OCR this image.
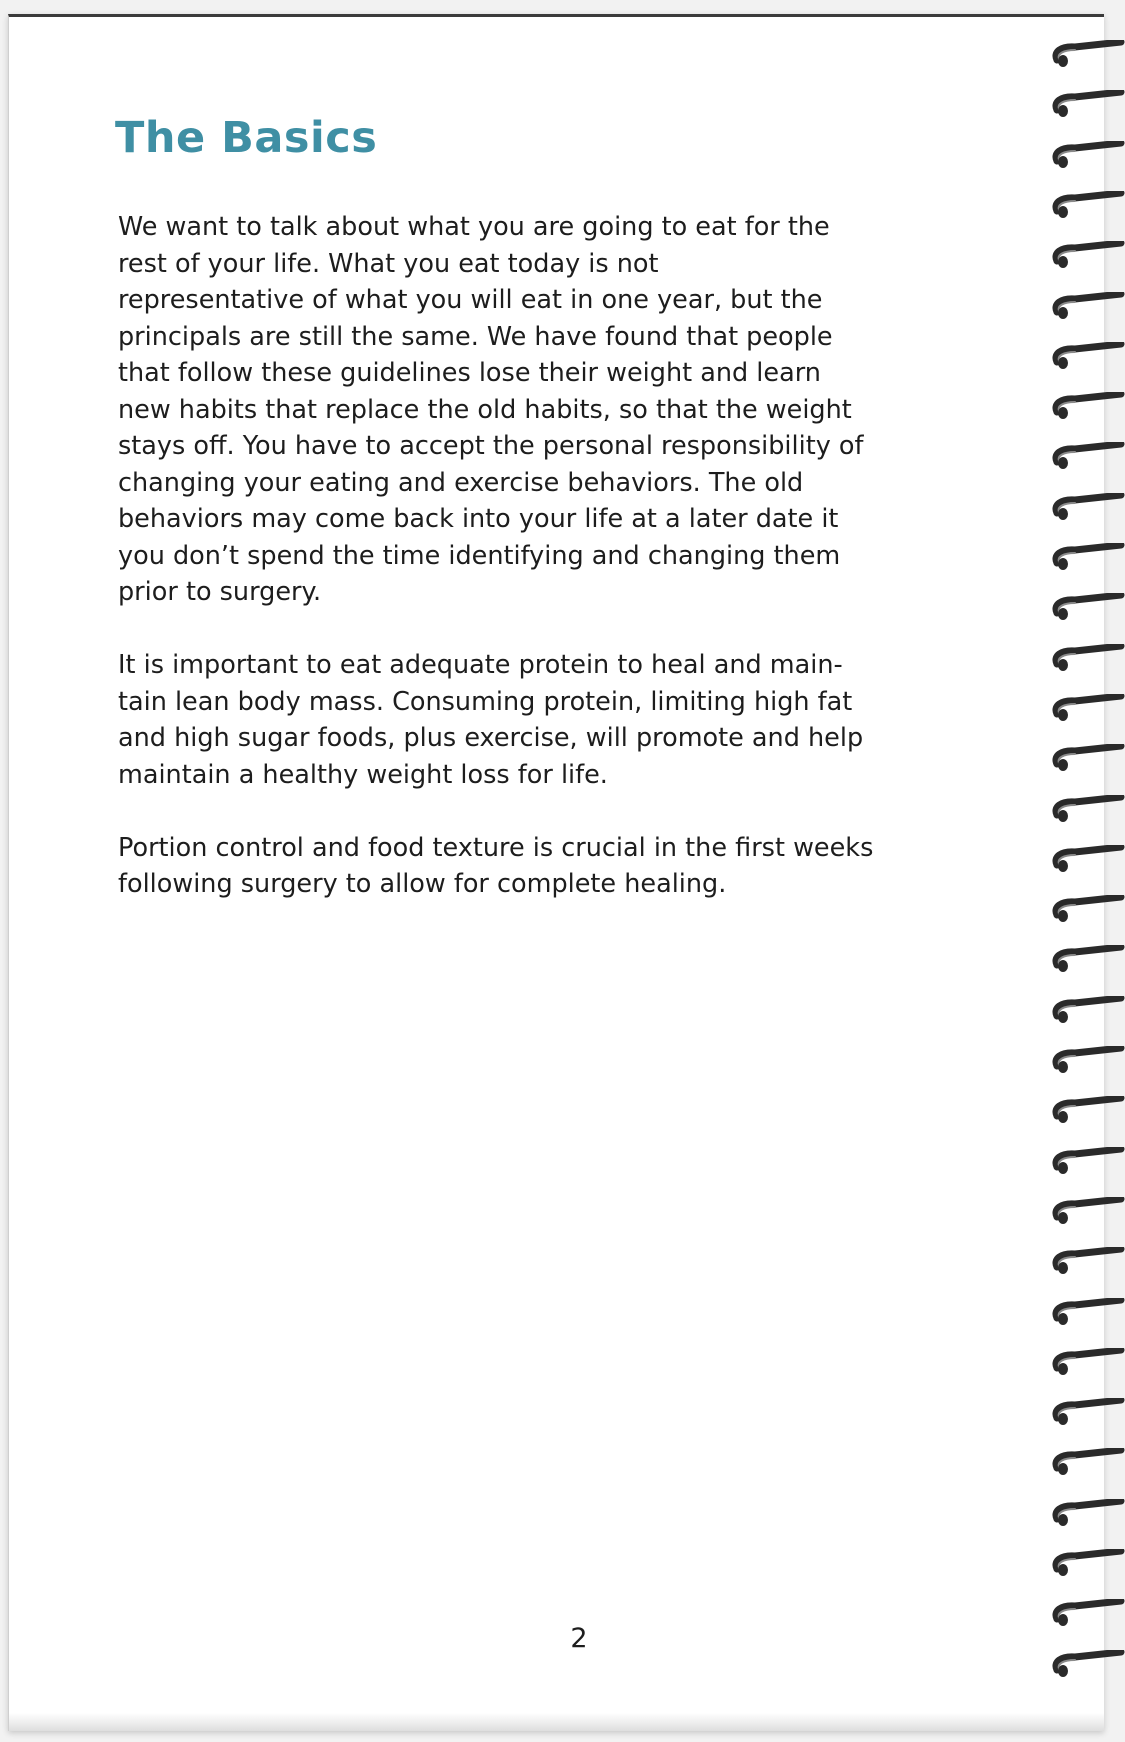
The Basics

We want to talk about what you are going to eat for the
rest of your life. What you eat today is not
representative of what you will eat in one year, but the
principals are still the same. We have found that people
that follow these guidelines lose their weight and learn
new habits that replace the old habits, so that the weight
stays off. You have to accept the personal responsibility of
changing your eating and exercise behaviors. The old
behaviors may come back into your life at a later date it
you don’t spend the time identifying and changing them
prior to surgery.

It is important to eat adequate protein to heal and main-
tain lean body mass. Consuming protein, limiting high fat
and high sugar foods, plus exercise, will promote and help
maintain a healthy weight loss for life.

Portion control and food texture is crucial in the first weeks
following surgery to allow for complete healing.

2
